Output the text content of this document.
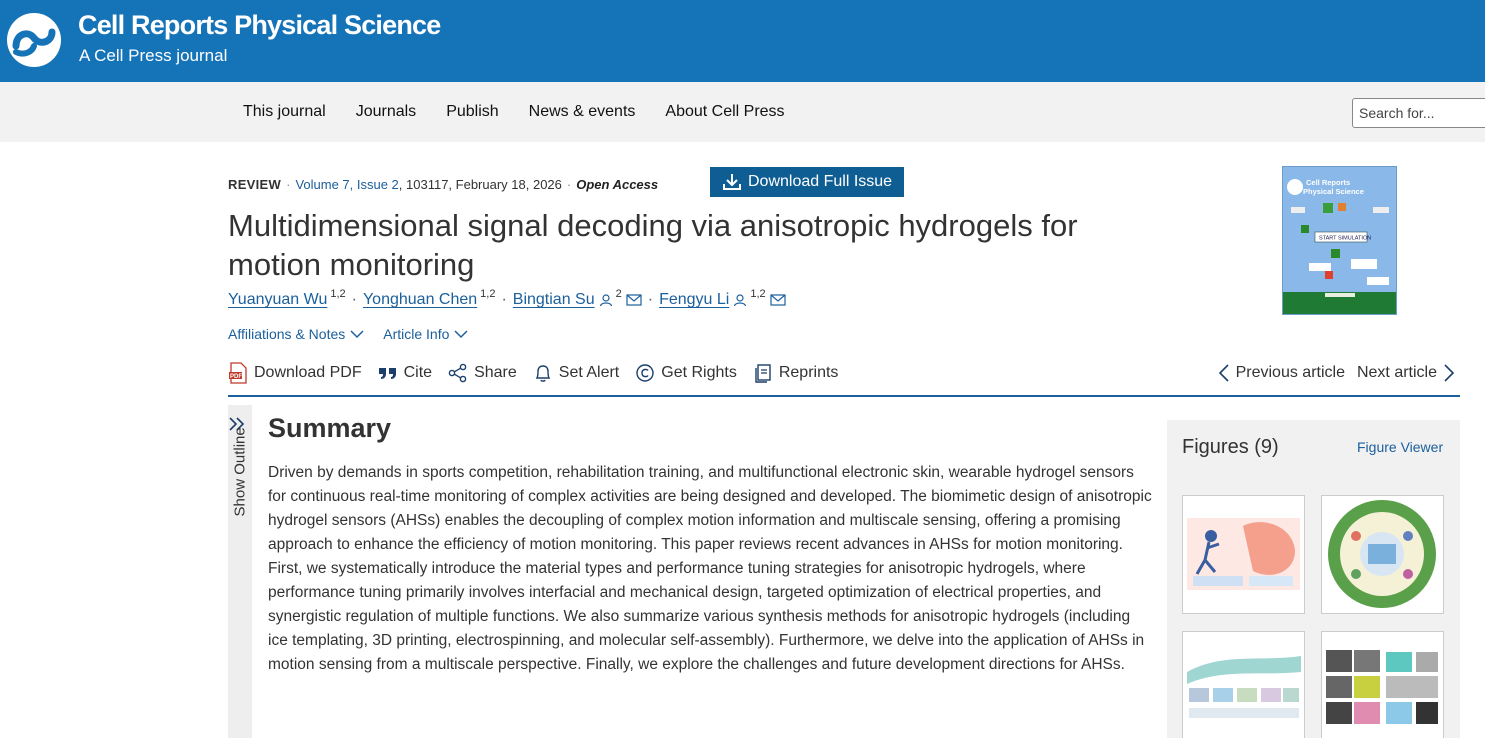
Cell Reports Physical Science
A Cell Press journal
This journal Journals Publish News & events About Cell Press
Search for...
REVIEW · Volume 7, Issue 2, 103117, February 18, 2026 · Open Access	Download Full Issue	Cell Reports
Physical Science
START SIMULATION
Multidimensional signal decoding via anisotropic hydrogels for motion monitoring
Yuanyuan Wu 1,2 · Yonghuan Chen 1,2 · Bingtian Su 2 · Fengyu Li 1,2
Affiliations & Notes	Article Info
PDF Download PDF	Cite	Share	Set Alert	Get Rights	Reprints	Previous article Next article
Summary

Driven by demands in sports competition, rehabilitation training, and multifunctional electronic skin, wearable hydrogel sensors for continuous real-time monitoring of complex activities are being designed and developed. The biomimetic design of anisotropic hydrogel sensors (AHSs) enables the decoupling of complex motion information and multiscale sensing, offering a promising approach to enhance the efficiency of motion monitoring. This paper reviews recent advances in AHSs for motion monitoring. First, we systematically introduce the material types and performance tuning strategies for anisotropic hydrogels, where performance tuning primarily involves interfacial and mechanical design, targeted optimization of electrical properties, and synergistic regulation of multiple functions. We also summarize various synthesis methods for anisotropic hydrogels (including ice templating, 3D printing, electrospinning, and molecular self-assembly). Furthermore, we delve into the application of AHSs in motion sensing from a multiscale perspective. Finally, we explore the challenges and future development directions for AHSs.

Figures (9)	Figure Viewer
